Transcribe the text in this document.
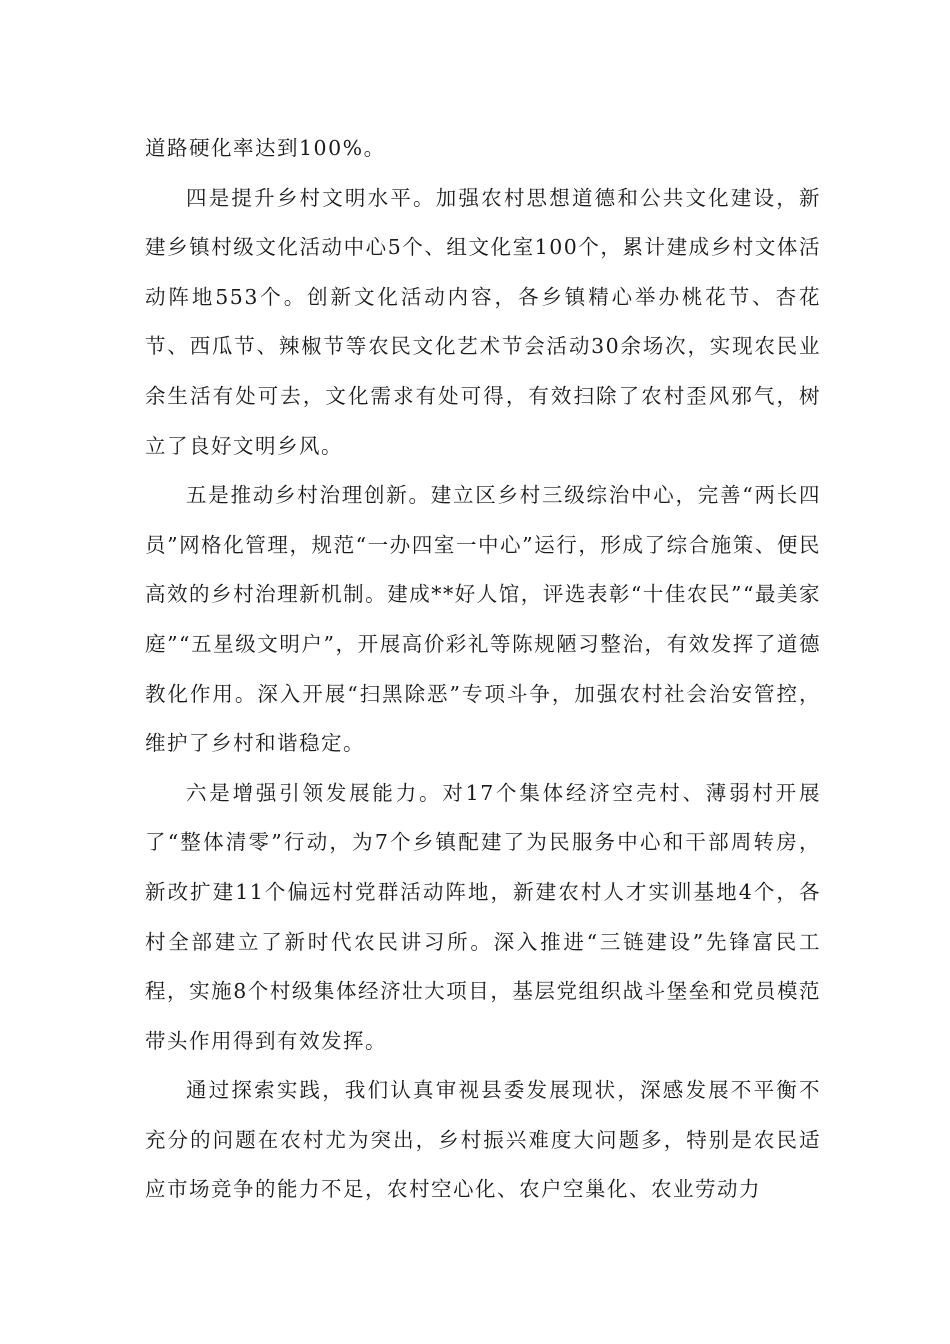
道路硬化率达到100%。

四是提升乡村文明水平。加强农村思想道德和公共文化建设，新建乡镇村级文化活动中心5个、组文化室100个，累计建成乡村文体活动阵地553个。创新文化活动内容，各乡镇精心举办桃花节、杏花节、西瓜节、辣椒节等农民文化艺术节会活动30余场次，实现农民业余生活有处可去，文化需求有处可得，有效扫除了农村歪风邪气，树立了良好文明乡风。

五是推动乡村治理创新。建立区乡村三级综治中心，完善“两长四员”网格化管理，规范“一办四室一中心”运行，形成了综合施策、便民高效的乡村治理新机制。建成**好人馆，评选表彰“十佳农民”“最美家庭”“五星级文明户”，开展高价彩礼等陈规陋习整治，有效发挥了道德教化作用。深入开展“扫黑除恶”专项斗争，加强农村社会治安管控，维护了乡村和谐稳定。

六是增强引领发展能力。对17个集体经济空壳村、薄弱村开展了“整体清零”行动，为7个乡镇配建了为民服务中心和干部周转房，新改扩建11个偏远村党群活动阵地，新建农村人才实训基地4个，各村全部建立了新时代农民讲习所。深入推进“三链建设”先锋富民工程，实施8个村级集体经济壮大项目，基层党组织战斗堡垒和党员模范带头作用得到有效发挥。

通过探索实践，我们认真审视县委发展现状，深感发展不平衡不充分的问题在农村尤为突出，乡村振兴难度大问题多，特别是农民适应市场竞争的能力不足，农村空心化、农户空巢化、农业劳动力
